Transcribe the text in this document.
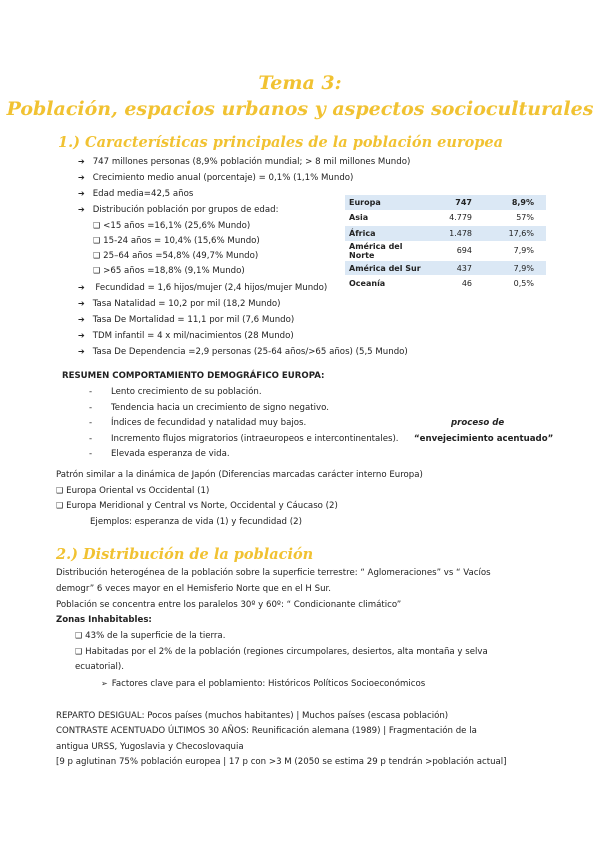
Tema 3:
Población, espacios urbanos y aspectos socioculturales
1.) Características principales de la población europea
➔ 747 millones personas (8,9% población mundial; > 8 mil millones Mundo)
➔ Crecimiento medio anual (porcentaje) = 0,1% (1,1% Mundo)
➔ Edad media=42,5 años
➔ Distribución población por grupos de edad:
❑ <15 años =16,1% (25,6% Mundo)
❑ 15-24 años = 10,4% (15,6% Mundo)
❑ 25–64 años =54,8% (49,7% Mundo)
❑ >65 años =18,8% (9,1% Mundo)
➔ Fecundidad = 1,6 hijos/mujer (2,4 hijos/mujer Mundo)
➔ Tasa Natalidad = 10,2 por mil (18,2 Mundo)
➔ Tasa De Mortalidad = 11,1 por mil (7,6 Mundo)
➔ TDM infantil = 4 x mil/nacimientos (28 Mundo)
➔ Tasa De Dependencia =2,9 personas (25-64 años/>65 años) (5,5 Mundo)
Europa	747	8,9%
Asia	4.779	57%
África	1.478	17,6%
América del Norte	694	7,9%
América del Sur	437	7,9%
Oceanía	46	0,5%
RESUMEN COMPORTAMIENTO DEMOGRÁFICO EUROPA:
- Lento crecimiento de su población.
- Tendencia hacia un crecimiento de signo negativo.
- Índices de fecundidad y natalidad muy bajos.	proceso de
- Incremento flujos migratorios (intraeuropeos e intercontinentales). “envejecimiento acentuado”
- Elevada esperanza de vida.
Patrón similar a la dinámica de Japón (Diferencias marcadas carácter interno Europa)
❑ Europa Oriental vs Occidental (1)
❑ Europa Meridional y Central vs Norte, Occidental y Cáucaso (2)
Ejemplos: esperanza de vida (1) y fecundidad (2)
2.) Distribución de la población
Distribución heterogénea de la población sobre la superficie terrestre: “ Aglomeraciones” vs “ Vacíos
demogr” 6 veces mayor en el Hemisferio Norte que en el H Sur.
Población se concentra entre los paralelos 30º y 60º: “ Condicionante climático”
Zonas Inhabitables:
❑ 43% de la superficie de la tierra.
❑ Habitadas por el 2% de la población (regiones circumpolares, desiertos, alta montaña y selva
ecuatorial).
➢ Factores clave para el poblamiento: Históricos Políticos Socioeconómicos
REPARTO DESIGUAL: Pocos países (muchos habitantes) | Muchos países (escasa población)
CONTRASTE ACENTUADO ÚLTIMOS 30 AÑOS: Reunificación alemana (1989) | Fragmentación de la
antigua URSS, Yugoslavia y Checoslovaquia
[9 p aglutinan 75% población europea | 17 p con >3 M (2050 se estima 29 p tendrán >población actual]
